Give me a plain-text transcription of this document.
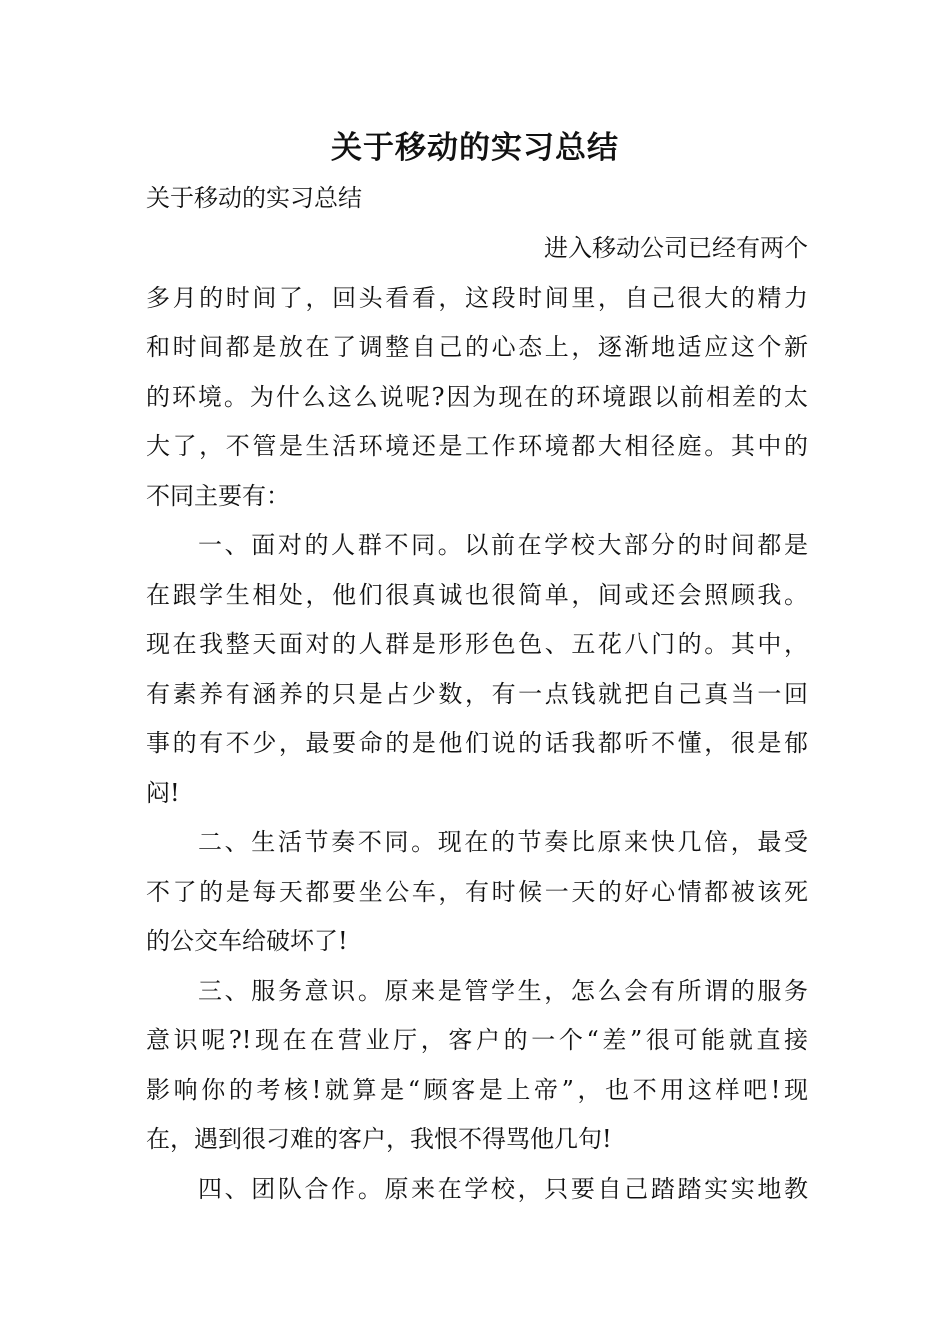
关于移动的实习总结

关于移动的实习总结

进入移动公司已经有两个
多月的时间了，回头看看，这段时间里，自己很大的精力
和时间都是放在了调整自己的心态上，逐渐地适应这个新
的环境。为什么这么说呢?因为现在的环境跟以前相差的太
大了，不管是生活环境还是工作环境都大相径庭。其中的
不同主要有：
一、面对的人群不同。以前在学校大部分的时间都是
在跟学生相处，他们很真诚也很简单，间或还会照顾我。
现在我整天面对的人群是形形色色、五花八门的。其中，
有素养有涵养的只是占少数，有一点钱就把自己真当一回
事的有不少，最要命的是他们说的话我都听不懂，很是郁
闷!
二、生活节奏不同。现在的节奏比原来快几倍，最受
不了的是每天都要坐公车，有时候一天的好心情都被该死
的公交车给破坏了!
三、服务意识。原来是管学生，怎么会有所谓的服务
意识呢?!现在在营业厅，客户的一个“差”很可能就直接
影响你的考核!就算是“顾客是上帝”，也不用这样吧!现
在，遇到很刁难的客户，我恨不得骂他几句!
四、团队合作。原来在学校，只要自己踏踏实实地教
